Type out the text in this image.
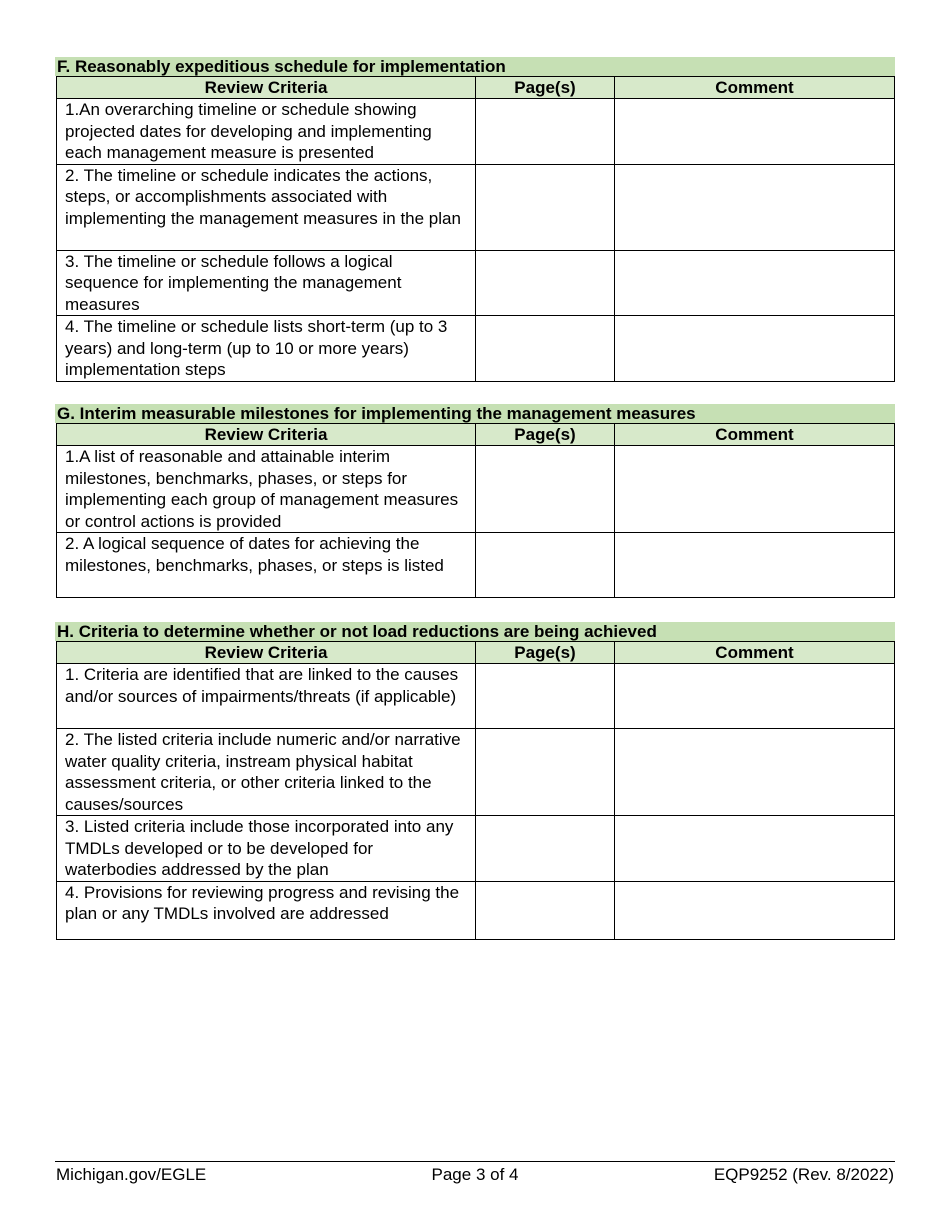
F. Reasonably expeditious schedule for implementation
Review Criteria	Page(s)	Comment
1.An overarching timeline or schedule showing projected dates for developing and implementing each management measure is presented		
2. The timeline or schedule indicates the actions, steps, or accomplishments associated with implementing the management measures in the plan		
3. The timeline or schedule follows a logical sequence for implementing the management measures		
4. The timeline or schedule lists short-term (up to 3 years) and long-term (up to 10 or more years) implementation steps		
G. Interim measurable milestones for implementing the management measures
Review Criteria	Page(s)	Comment
1.A list of reasonable and attainable interim milestones, benchmarks, phases, or steps for implementing each group of management measures or control actions is provided		
2. A logical sequence of dates for achieving the milestones, benchmarks, phases, or steps is listed		
H. Criteria to determine whether or not load reductions are being achieved
Review Criteria	Page(s)	Comment
1. Criteria are identified that are linked to the causes and/or sources of impairments/threats (if applicable)		
2. The listed criteria include numeric and/or narrative water quality criteria, instream physical habitat assessment criteria, or other criteria linked to the causes/sources		
3. Listed criteria include those incorporated into any TMDLs developed or to be developed for waterbodies addressed by the plan		
4. Provisions for reviewing progress and revising the plan or any TMDLs involved are addressed		
Michigan.gov/EGLE	Page 3 of 4	EQP9252 (Rev. 8/2022)
